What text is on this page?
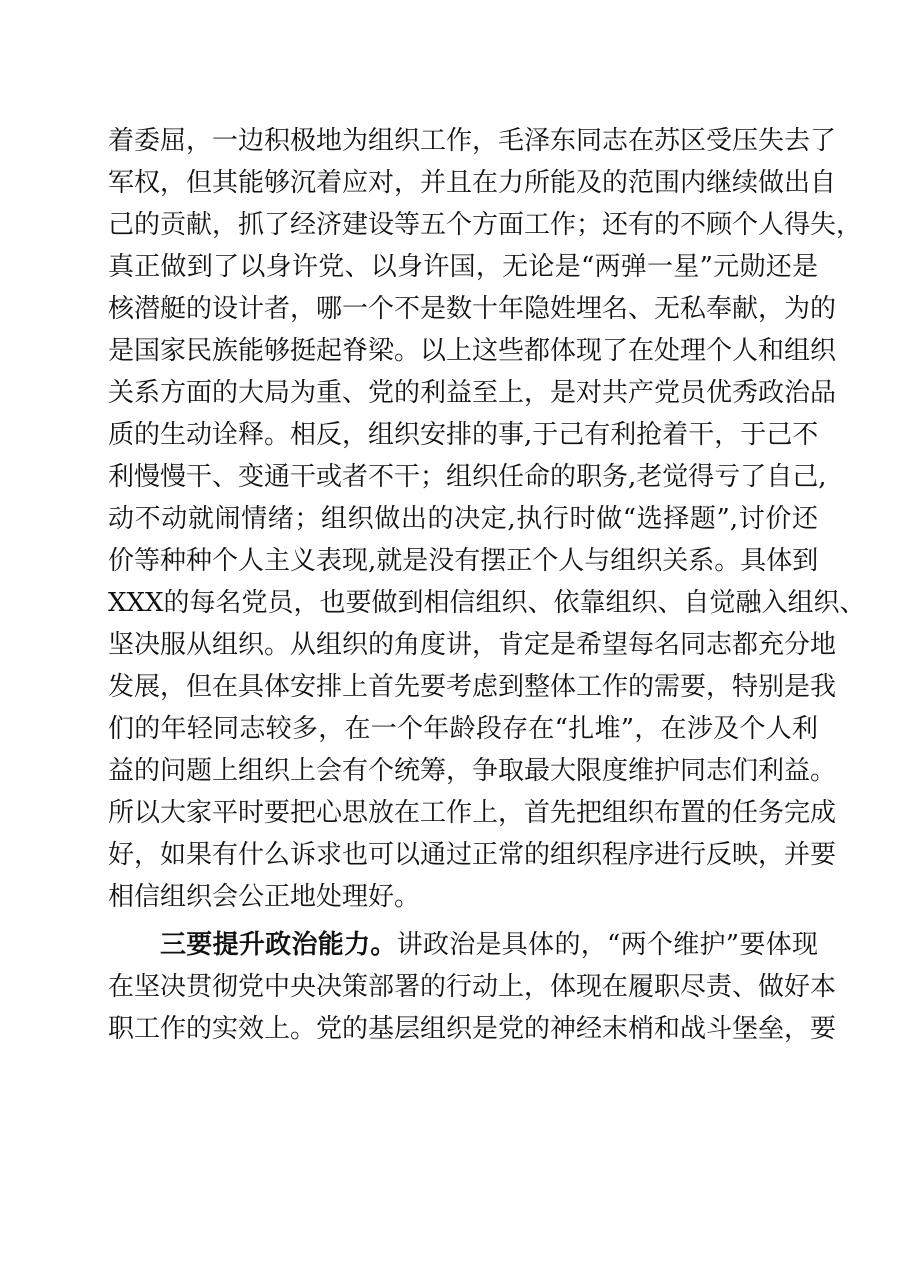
着委屈，一边积极地为组织工作，毛泽东同志在苏区受压失去了
军权，但其能够沉着应对，并且在力所能及的范围内继续做出自
己的贡献，抓了经济建设等五个方面工作；还有的不顾个人得失，
真正做到了以身许党、以身许国，无论是“两弹一星”元勋还是
核潜艇的设计者，哪一个不是数十年隐姓埋名、无私奉献，为的
是国家民族能够挺起脊梁。以上这些都体现了在处理个人和组织
关系方面的大局为重、党的利益至上，是对共产党员优秀政治品
质的生动诠释。相反，组织安排的事,于己有利抢着干，于己不
利慢慢干、变通干或者不干；组织任命的职务,老觉得亏了自己,
动不动就闹情绪；组织做出的决定,执行时做“选择题”,讨价还
价等种种个人主义表现,就是没有摆正个人与组织关系。具体到
XXX的每名党员，也要做到相信组织、依靠组织、自觉融入组织、
坚决服从组织。从组织的角度讲，肯定是希望每名同志都充分地
发展，但在具体安排上首先要考虑到整体工作的需要，特别是我
们的年轻同志较多，在一个年龄段存在“扎堆”，在涉及个人利
益的问题上组织上会有个统筹，争取最大限度维护同志们利益。
所以大家平时要把心思放在工作上，首先把组织布置的任务完成
好，如果有什么诉求也可以通过正常的组织程序进行反映，并要
相信组织会公正地处理好。
三要提升政治能力。讲政治是具体的，“两个维护”要体现
在坚决贯彻党中央决策部署的行动上，体现在履职尽责、做好本
职工作的实效上。党的基层组织是党的神经末梢和战斗堡垒，要
